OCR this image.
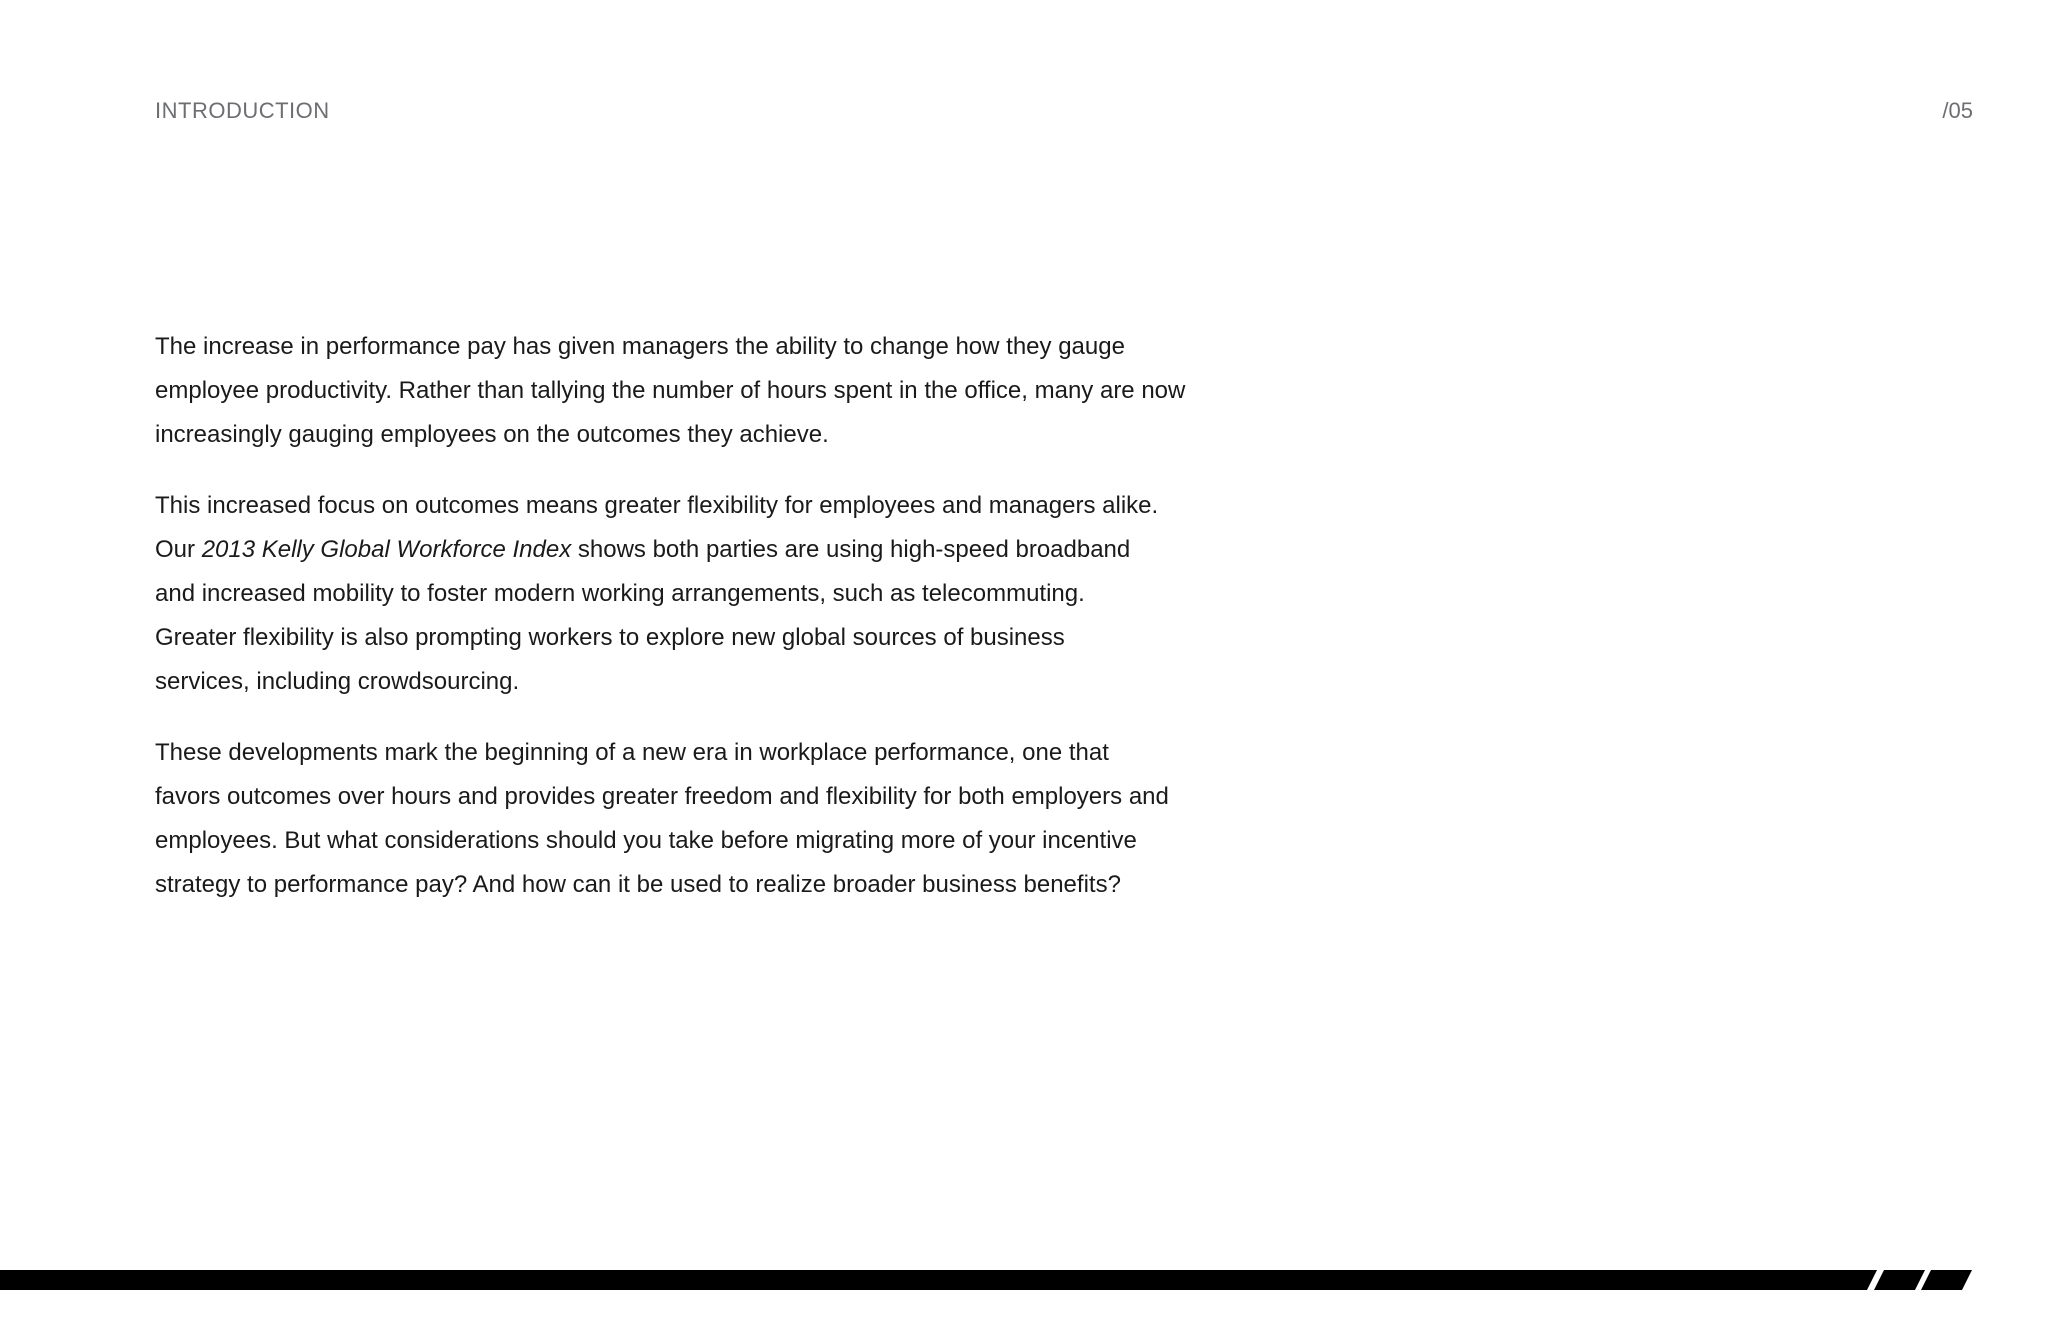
INTRODUCTION	/05

The increase in performance pay has given managers the ability to change how they gauge
employee productivity. Rather than tallying the number of hours spent in the office, many are now
increasingly gauging employees on the outcomes they achieve.

This increased focus on outcomes means greater flexibility for employees and managers alike.
Our 2013 Kelly Global Workforce Index shows both parties are using high-speed broadband
and increased mobility to foster modern working arrangements, such as telecommuting.
Greater flexibility is also prompting workers to explore new global sources of business
services, including crowdsourcing.

These developments mark the beginning of a new era in workplace performance, one that
favors outcomes over hours and provides greater freedom and flexibility for both employers and
employees. But what considerations should you take before migrating more of your incentive
strategy to performance pay? And how can it be used to realize broader business benefits?
